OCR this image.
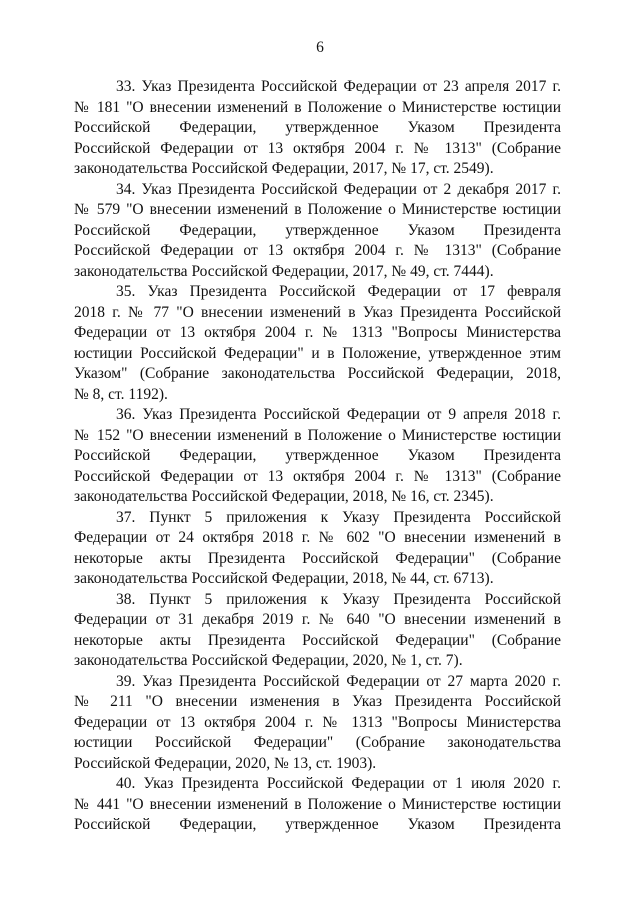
6

33. Указ Президента Российской Федерации от 23 апреля 2017 г.
№ 181 "О внесении изменений в Положение о Министерстве юстиции
Российской Федерации, утвержденное Указом Президента
Российской Федерации от 13 октября 2004 г. № 1313" (Собрание
законодательства Российской Федерации, 2017, № 17, ст. 2549).

34. Указ Президента Российской Федерации от 2 декабря 2017 г.
№ 579 "О внесении изменений в Положение о Министерстве юстиции
Российской Федерации, утвержденное Указом Президента
Российской Федерации от 13 октября 2004 г. № 1313" (Собрание
законодательства Российской Федерации, 2017, № 49, ст. 7444).

35. Указ Президента Российской Федерации от 17 февраля
2018 г. № 77 "О внесении изменений в Указ Президента Российской
Федерации от 13 октября 2004 г. № 1313 "Вопросы Министерства
юстиции Российской Федерации" и в Положение, утвержденное этим
Указом" (Собрание законодательства Российской Федерации, 2018,
№ 8, ст. 1192).

36. Указ Президента Российской Федерации от 9 апреля 2018 г.
№ 152 "О внесении изменений в Положение о Министерстве юстиции
Российской Федерации, утвержденное Указом Президента
Российской Федерации от 13 октября 2004 г. № 1313" (Собрание
законодательства Российской Федерации, 2018, № 16, ст. 2345).

37. Пункт 5 приложения к Указу Президента Российской
Федерации от 24 октября 2018 г. № 602 "О внесении изменений в
некоторые акты Президента Российской Федерации" (Собрание
законодательства Российской Федерации, 2018, № 44, ст. 6713).

38. Пункт 5 приложения к Указу Президента Российской
Федерации от 31 декабря 2019 г. № 640 "О внесении изменений в
некоторые акты Президента Российской Федерации" (Собрание
законодательства Российской Федерации, 2020, № 1, ст. 7).

39. Указ Президента Российской Федерации от 27 марта 2020 г.
№ 211 "О внесении изменения в Указ Президента Российской
Федерации от 13 октября 2004 г. № 1313 "Вопросы Министерства
юстиции Российской Федерации" (Собрание законодательства
Российской Федерации, 2020, № 13, ст. 1903).

40. Указ Президента Российской Федерации от 1 июля 2020 г.
№ 441 "О внесении изменений в Положение о Министерстве юстиции
Российской Федерации, утвержденное Указом Президента
